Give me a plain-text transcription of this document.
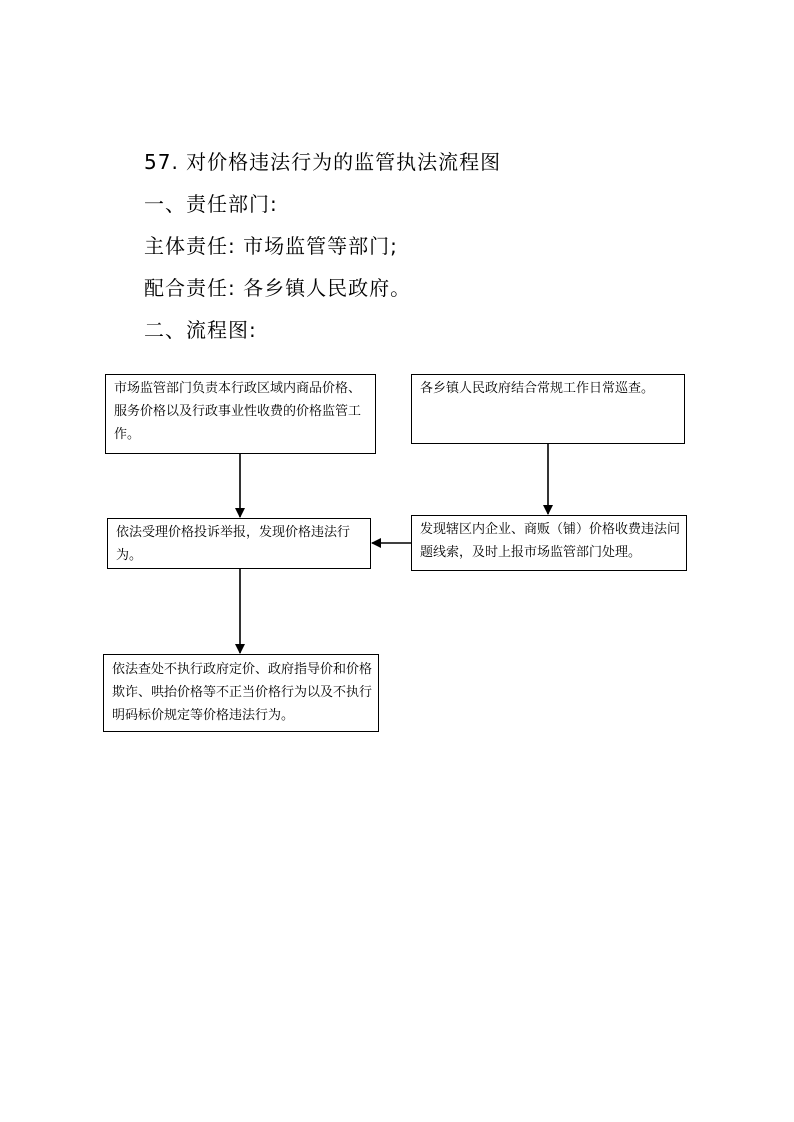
57. 对价格违法行为的监管执法流程图
一、责任部门:
主体责任: 市场监管等部门;
配合责任: 各乡镇人民政府。
二、流程图:
市场监管部门负责本行政区域内商品价格、服务价格以及行政事业性收费的价格监管工作。
各乡镇人民政府结合常规工作日常巡查。
依法受理价格投诉举报，发现价格违法行为。
发现辖区内企业、商贩（铺）价格收费违法问题线索，及时上报市场监管部门处理。
依法查处不执行政府定价、政府指导价和价格欺诈、哄抬价格等不正当价格行为以及不执行明码标价规定等价格违法行为。
